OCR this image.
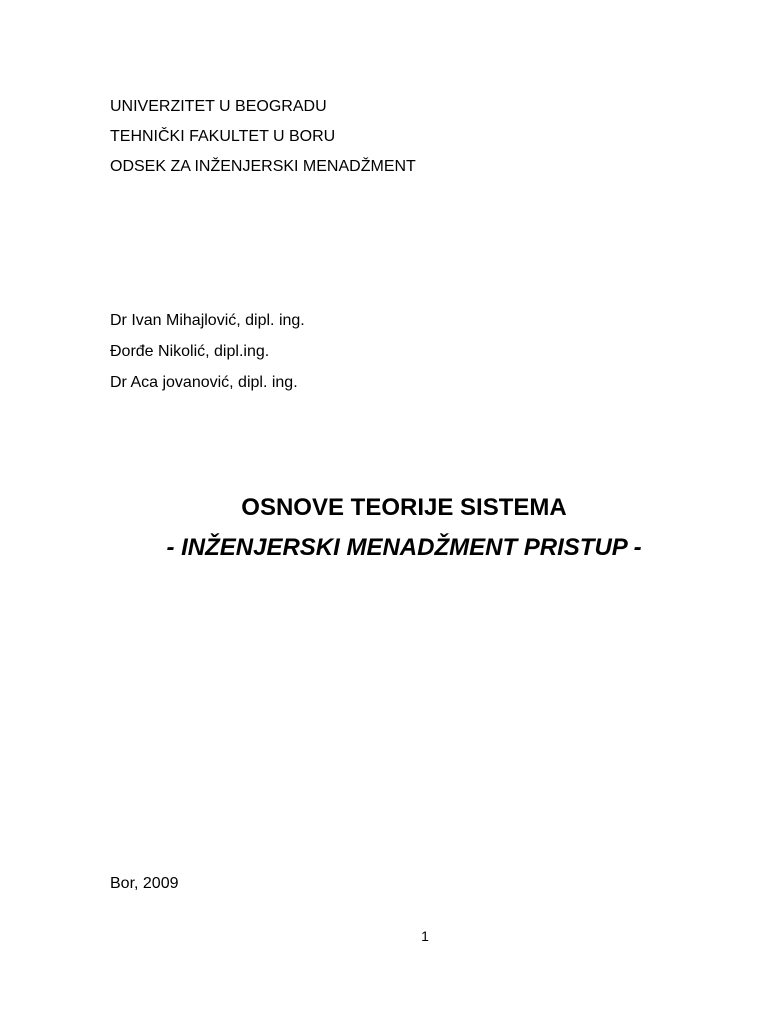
UNIVERZITET U BEOGRADU
TEHNIČKI FAKULTET U BORU
ODSEK ZA INŽENJERSKI MENADŽMENT
Dr Ivan Mihajlović, dipl. ing.
Đorđe Nikolić, dipl.ing.
Dr Aca jovanović, dipl. ing.
OSNOVE TEORIJE SISTEMA
- INŽENJERSKI MENADŽMENT PRISTUP -
Bor, 2009
1
